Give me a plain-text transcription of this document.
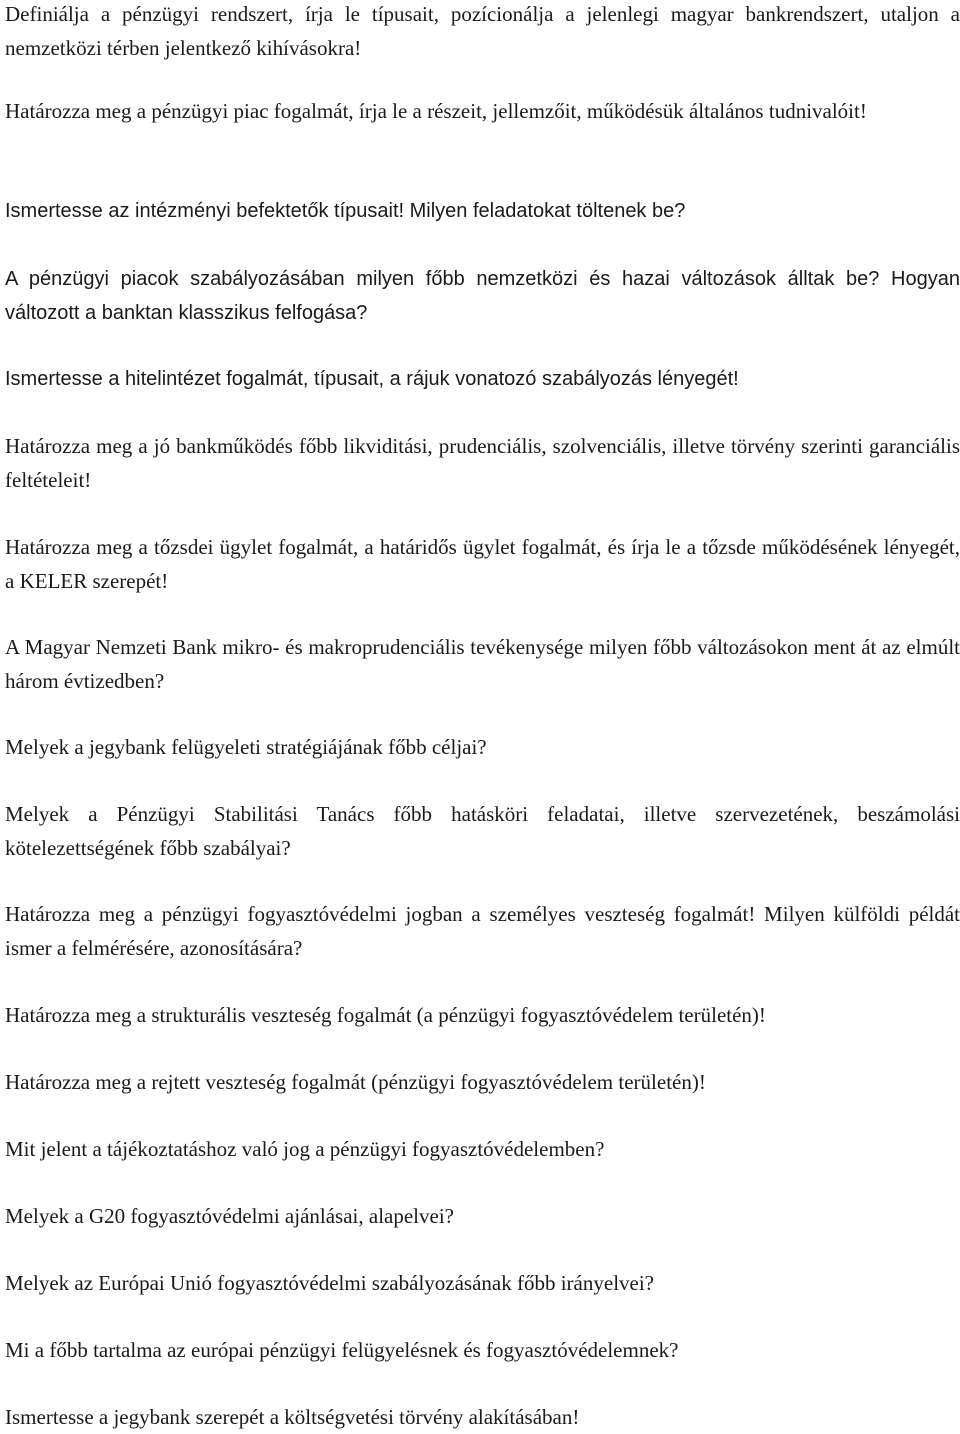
Definiálja a pénzügyi rendszert, írja le típusait, pozícionálja a jelenlegi magyar bankrendszert, utaljon a nemzetközi térben jelentkező kihívásokra!

Határozza meg a pénzügyi piac fogalmát, írja le a részeit, jellemzőit, működésük általános tudnivalóit!

Ismertesse az intézményi befektetők típusait! Milyen feladatokat töltenek be?

A pénzügyi piacok szabályozásában milyen főbb nemzetközi és hazai változások álltak be? Hogyan változott a banktan klasszikus felfogása?

Ismertesse a hitelintézet fogalmát, típusait, a rájuk vonatozó szabályozás lényegét!

Határozza meg a jó bankműködés főbb likviditási, prudenciális, szolvenciális, illetve törvény szerinti garanciális feltételeit!

Határozza meg a tőzsdei ügylet fogalmát, a határidős ügylet fogalmát, és írja le a tőzsde működésének lényegét, a KELER szerepét!

A Magyar Nemzeti Bank mikro- és makroprudenciális tevékenysége milyen főbb változásokon ment át az elmúlt három évtizedben?

Melyek a jegybank felügyeleti stratégiájának főbb céljai?

Melyek a Pénzügyi Stabilitási Tanács főbb hatásköri feladatai, illetve szervezetének, beszámolási kötelezettségének főbb szabályai?

Határozza meg a pénzügyi fogyasztóvédelmi jogban a személyes veszteség fogalmát! Milyen külföldi példát ismer a felmérésére, azonosítására?

Határozza meg a strukturális veszteség fogalmát (a pénzügyi fogyasztóvédelem területén)!

Határozza meg a rejtett veszteség fogalmát (pénzügyi fogyasztóvédelem területén)!

Mit jelent a tájékoztatáshoz való jog a pénzügyi fogyasztóvédelemben?

Melyek a G20 fogyasztóvédelmi ajánlásai, alapelvei?

Melyek az Európai Unió fogyasztóvédelmi szabályozásának főbb irányelvei?

Mi a főbb tartalma az európai pénzügyi felügyelésnek és fogyasztóvédelemnek?

Ismertesse a jegybank szerepét a költségvetési törvény alakításában!
